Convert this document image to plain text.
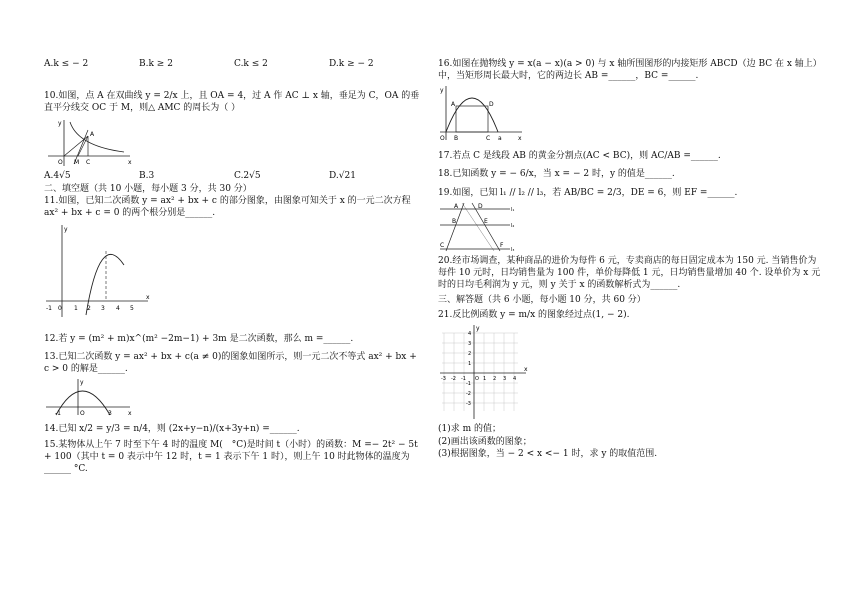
A.k ≤ − 2	B.k ≥ 2	C.k ≤ 2	D.k ≥ − 2

10.如图，点 A 在双曲线 y = 2/x 上，且 OA = 4，过 A 作 AC ⊥ x 轴，垂足为 C，OA 的垂直平分线交 OC 于 M，则△ AMC 的周长为（ ）

y
A
O M C	x
A.4√5	B.3	C.2√5	D.√21

二、填空题（共 10 小题，每小题 3 分，共 30 分）

11.如图，已知二次函数 y = ax² + bx + c 的部分图象，由图象可知关于 x 的一元二次方程 ax² + bx + c = 0 的两个根分别是______.

y
x
-1 0 1 2 3 4 5

12.若 y = (m² + m)x^(m² −2m−1) + 3m 是二次函数，那么 m =______.

13.已知二次函数 y = ax² + bx + c(a ≠ 0)的图象如图所示，则一元二次不等式 ax² + bx + c > 0 的解是______.

y
-1	O	3	x

14.已知 x/2 = y/3 = n/4，则 (2x+y−n)/(x+3y+n) =______.

15.某物体从上午 7 时至下午 4 时的温度 M(　°C)是时间 t（小时）的函数：M =− 2t² − 5t + 100（其中 t = 0 表示中午 12 时，t = 1 表示下午 1 时），则上午 10 时此物体的温度为______ °C.

16.如图在抛物线 y = x(a − x)(a > 0) 与 x 轴所围图形的内接矩形 ABCD（边 BC 在 x 轴上）中，当矩形周长最大时，它的两边长 AB =______，BC =______.

y
A	D
O B	C a	x

17.若点 C 是线段 AB 的黄金分割点(AC < BC)，则 AC/AB =______.

18.已知函数 y = − 6/x，当 x = − 2 时，y 的值是______.

19.如图，已知 l₁ // l₂ // l₃，若 AB/BC = 2/3，DE = 6，则 EF =______.

A
B
C
D
E
F
l₁
l₂
l₃

20.经市场调查，某种商品的进价为每件 6 元，专卖商店的每日固定成本为 150 元. 当销售价为每件 10 元时，日均销售量为 100 件，单价每降低 1 元，日均销售量增加 40 个. 设单价为 x 元时的日均毛利润为 y 元，则 y 关于 x 的函数解析式为______.

三、解答题（共 6 小题，每小题 10 分，共 60 分）

21.反比例函数 y = m/x 的图象经过点(1, − 2).

y
x
O
-3 -2 -1	1 2 3 4
4
3
2
1
-1
-2
-3

(1)求 m 的值；

(2)画出该函数的图象；

(3)根据图象，当 − 2 < x <− 1 时，求 y 的取值范围.
